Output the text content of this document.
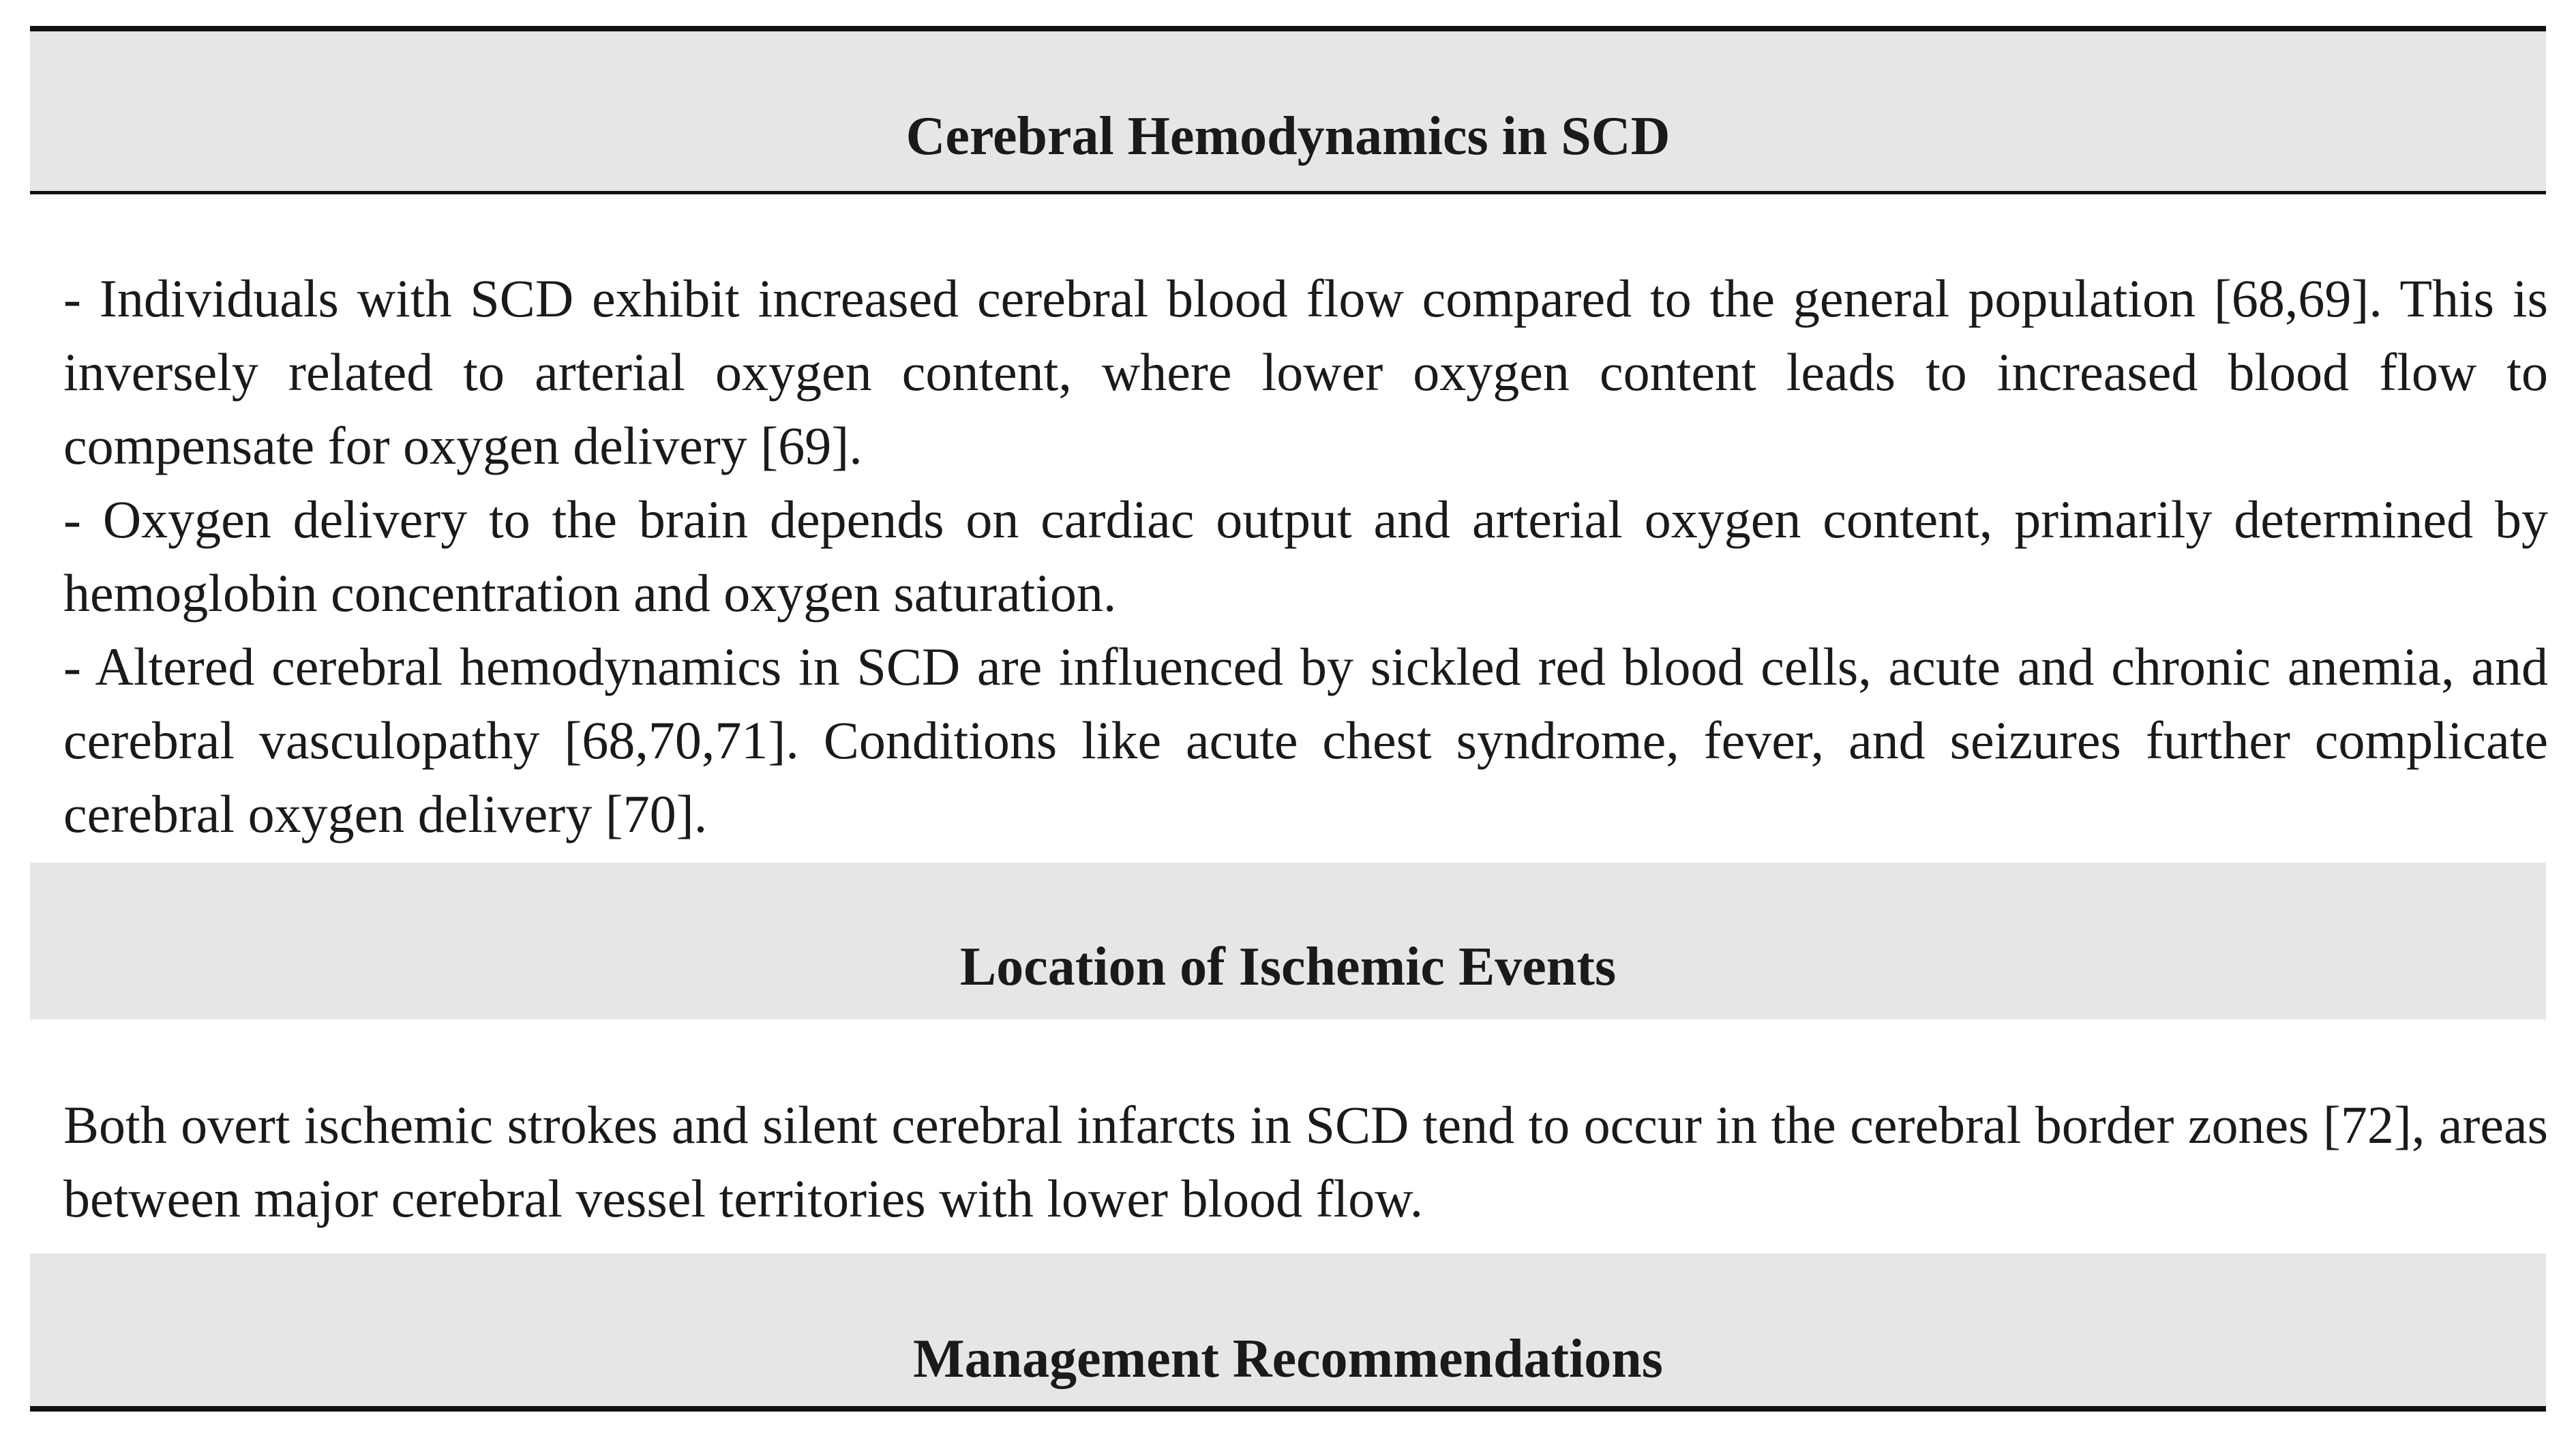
Cerebral Hemodynamics in SCD

- Individuals with SCD exhibit increased cerebral blood flow compared to the general population [68,69]. This is inversely related to arterial oxygen content, where lower oxygen content leads to increased blood flow to compensate for oxygen delivery [69].

- Oxygen delivery to the brain depends on cardiac output and arterial oxygen content, primarily determined by hemoglobin concentration and oxygen saturation.

- Altered cerebral hemodynamics in SCD are influenced by sickled red blood cells, acute and chronic anemia, and cerebral vasculopathy [68,70,71]. Conditions like acute chest syndrome, fever, and seizures further complicate cerebral oxygen delivery [70].

Location of Ischemic Events

Both overt ischemic strokes and silent cerebral infarcts in SCD tend to occur in the cerebral border zones [72], areas between major cerebral vessel territories with lower blood flow.

Management Recommendations
